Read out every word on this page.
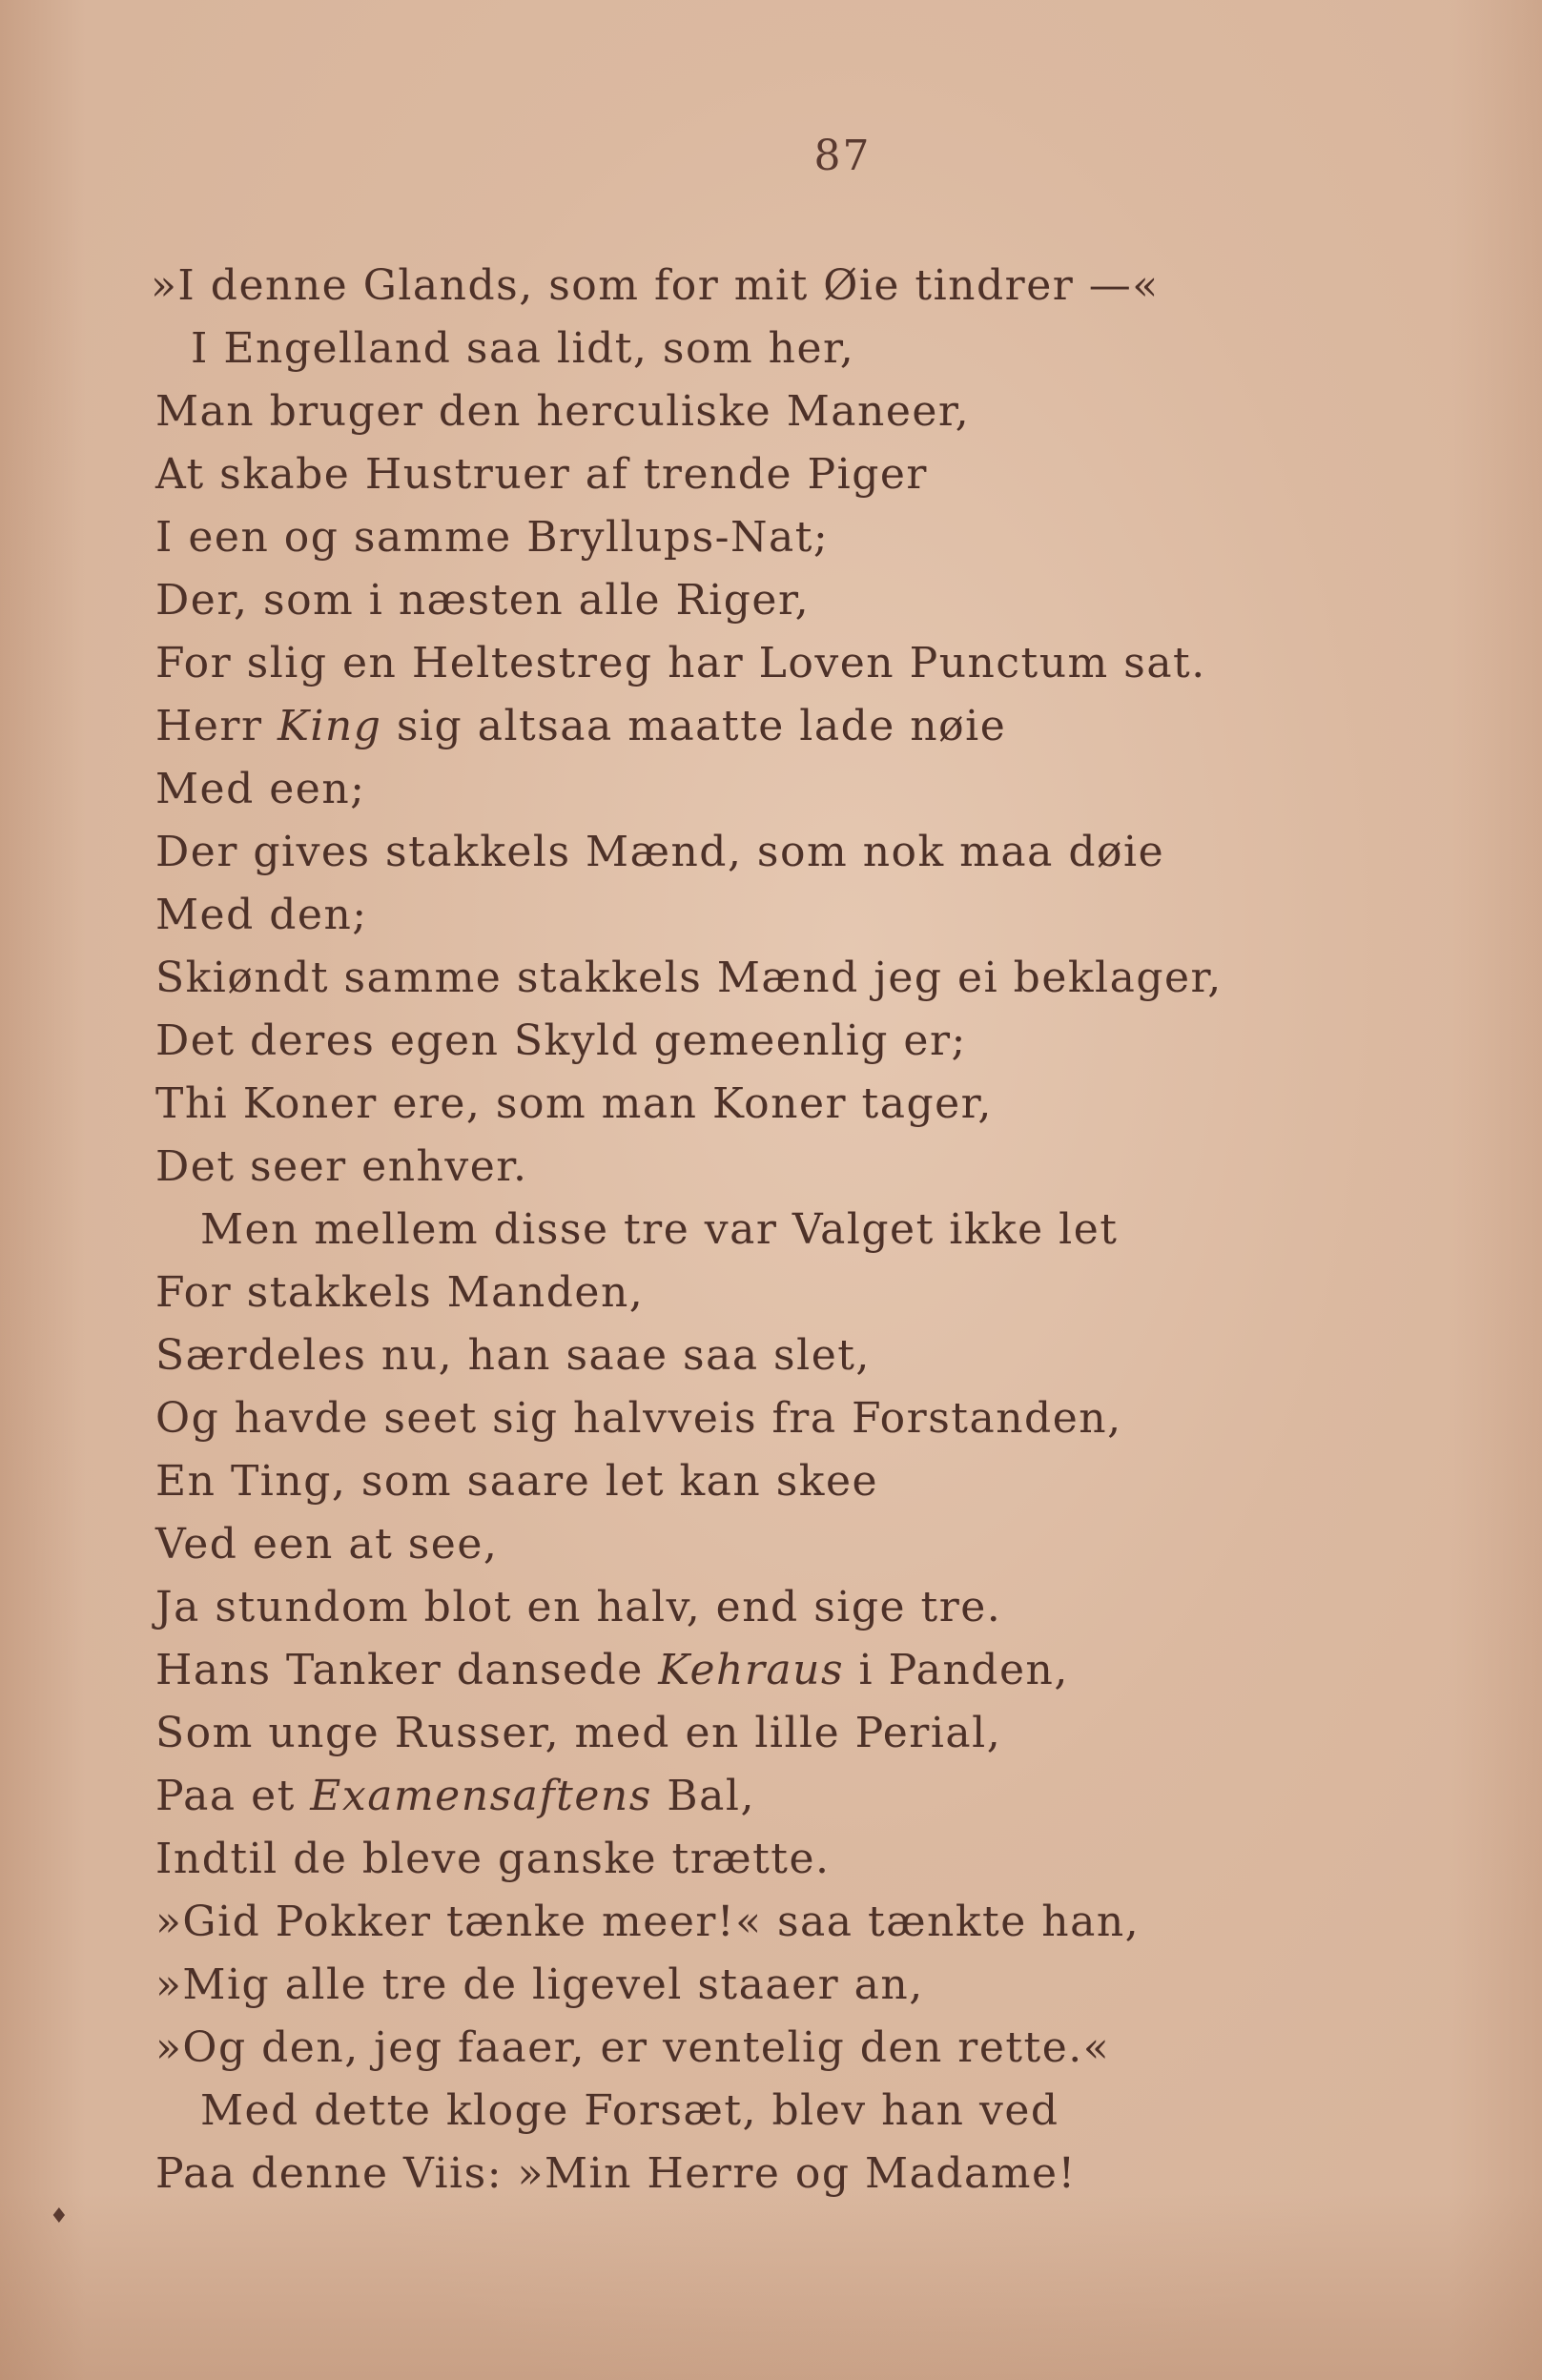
87
»I denne Glands, som for mit Øie tindrer —«
I Engelland saa lidt, som her,
Man bruger den herculiske Maneer,
At skabe Hustruer af trende Piger
I een og samme Bryllups-Nat;
Der, som i næsten alle Riger,
For slig en Heltestreg har Loven Punctum sat.
Herr King sig altsaa maatte lade nøie
Med een;
Der gives stakkels Mænd, som nok maa døie
Med den;
Skiøndt samme stakkels Mænd jeg ei beklager,
Det deres egen Skyld gemeenlig er;
Thi Koner ere, som man Koner tager,
Det seer enhver.
Men mellem disse tre var Valget ikke let
For stakkels Manden,
Særdeles nu, han saae saa slet,
Og havde seet sig halvveis fra Forstanden,
En Ting, som saare let kan skee
Ved een at see,
Ja stundom blot en halv, end sige tre.
Hans Tanker dansede Kehraus i Panden,
Som unge Russer, med en lille Perial,
Paa et Examensaftens Bal,
Indtil de bleve ganske trætte.
»Gid Pokker tænke meer!« saa tænkte han,
»Mig alle tre de ligevel staaer an,
»Og den, jeg faaer, er ventelig den rette.«
Med dette kloge Forsæt, blev han ved
Paa denne Viis: »Min Herre og Madame!
♦
